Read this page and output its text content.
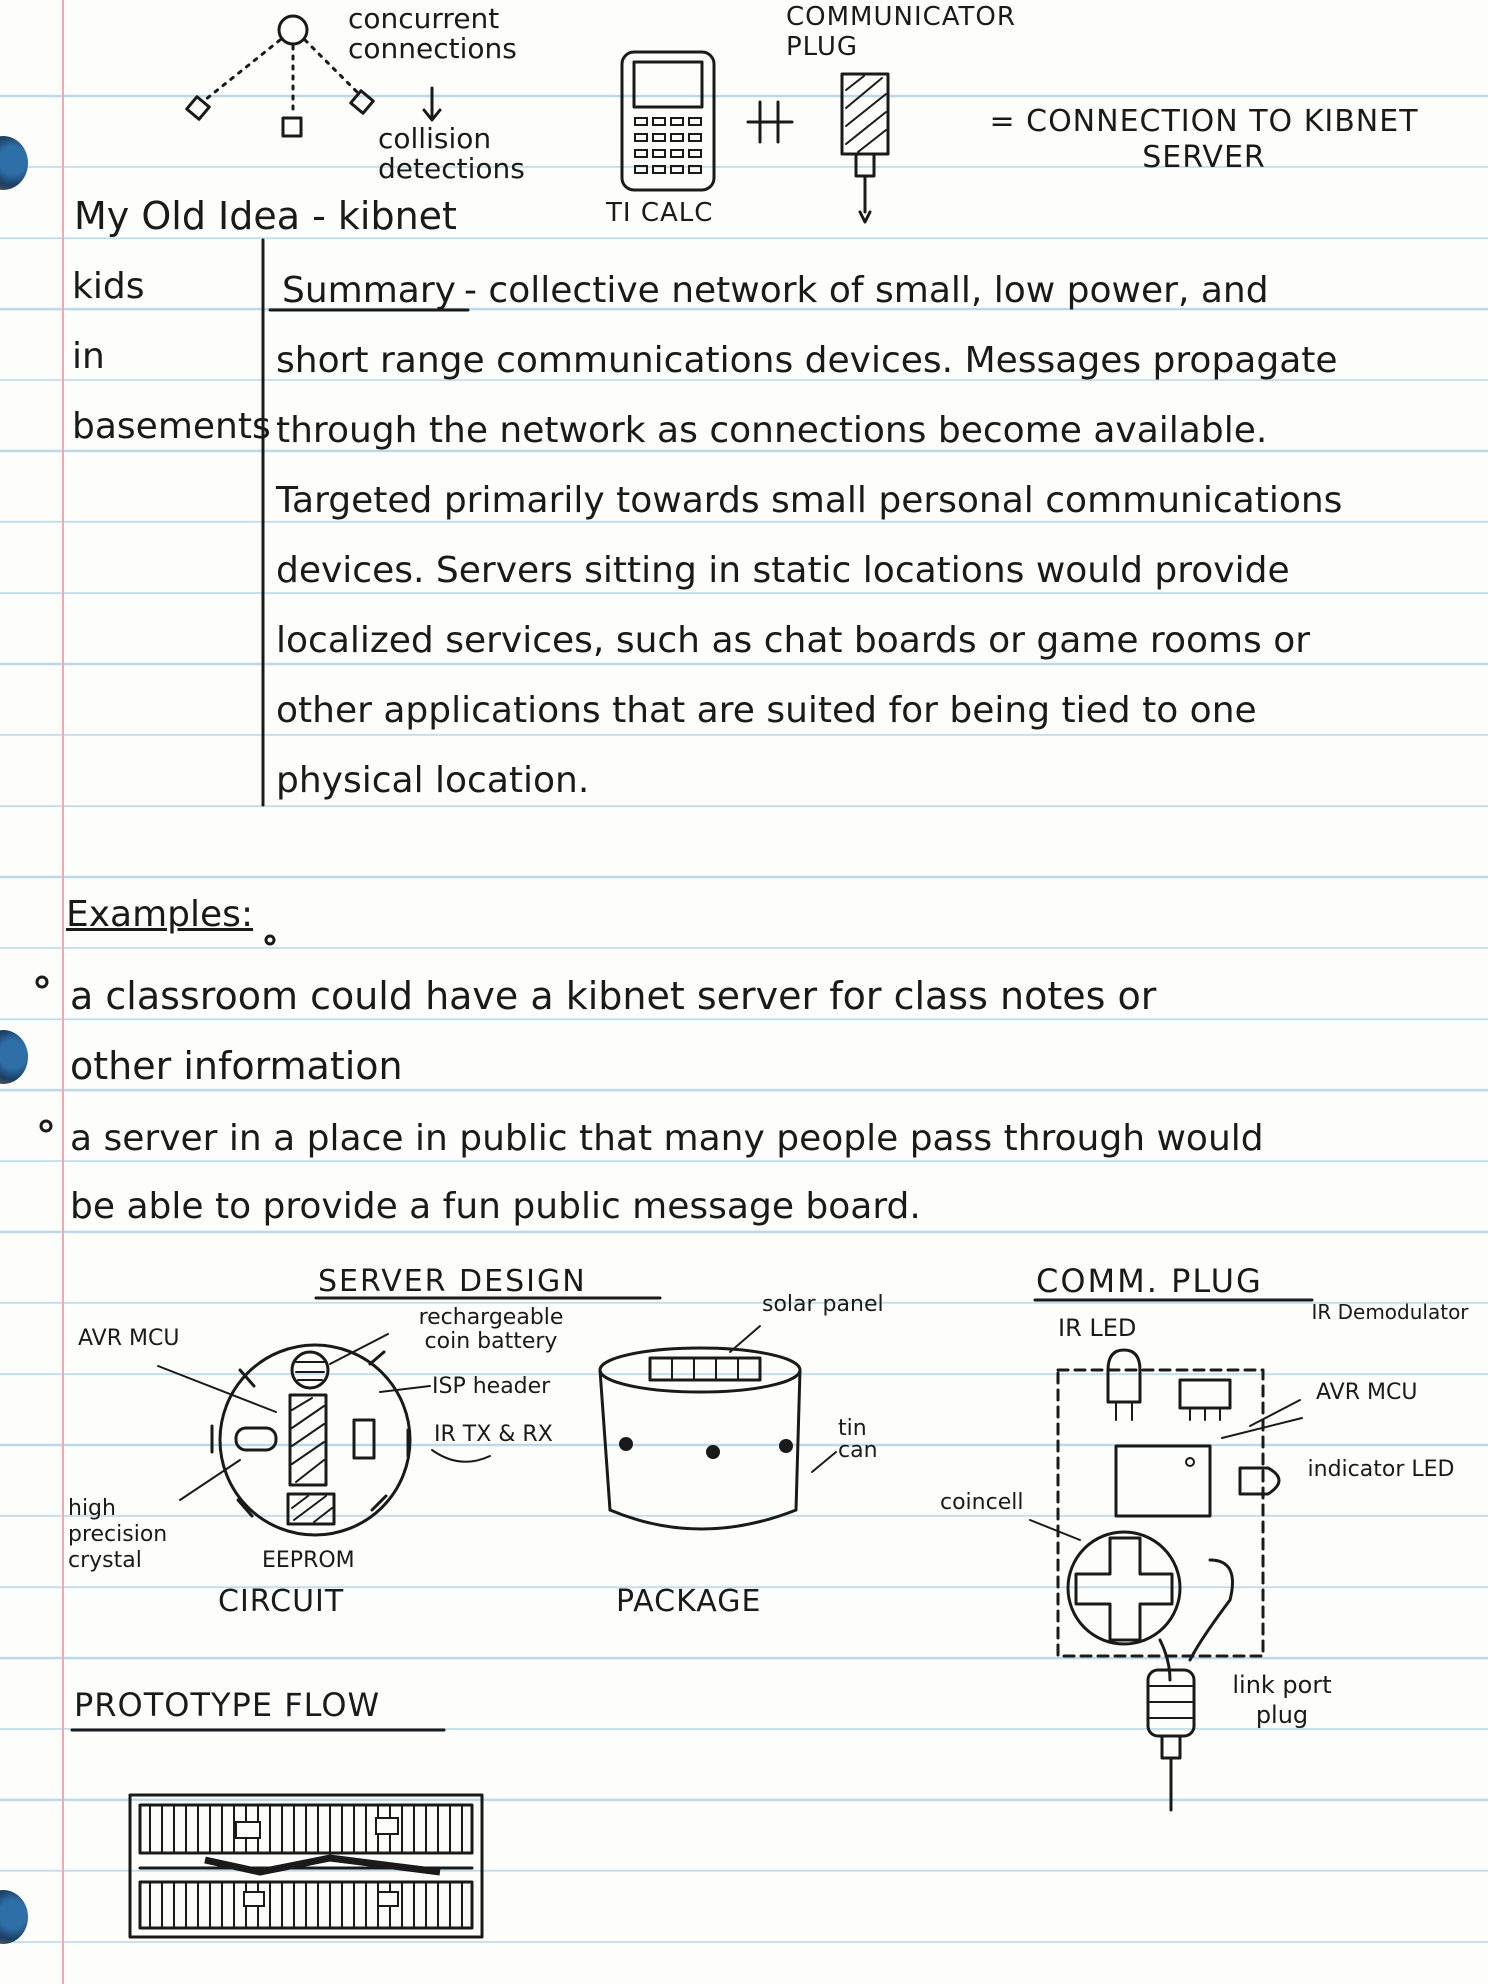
concurrent connections
collision detections
COMMUNICATOR PLUG
TI CALC
= CONNECTION TO KIBNET SERVER
My Old Idea - kibnet
kids
in
basements
Summary - collective network of small, low power, and
short range communications devices. Messages propagate
through the network as connections become available.
Targeted primarily towards small personal communications
devices. Servers sitting in static locations would provide
localized services, such as chat boards or game rooms or
other applications that are suited for being tied to one
physical location.
Examples:
a classroom could have a kibnet server for class notes or
other information
a server in a place in public that many people pass through would
be able to provide a fun public message board.
SERVER DESIGN
AVR MCU
rechargeable coin battery
ISP header
IR TX & RX
high precision crystal	EEPROM
CIRCUIT
solar panel
tin can
PACKAGE
COMM. PLUG
IR LED
IR Demodulator
AVR MCU
indicator LED
coincell
link port plug
PROTOTYPE FLOW
